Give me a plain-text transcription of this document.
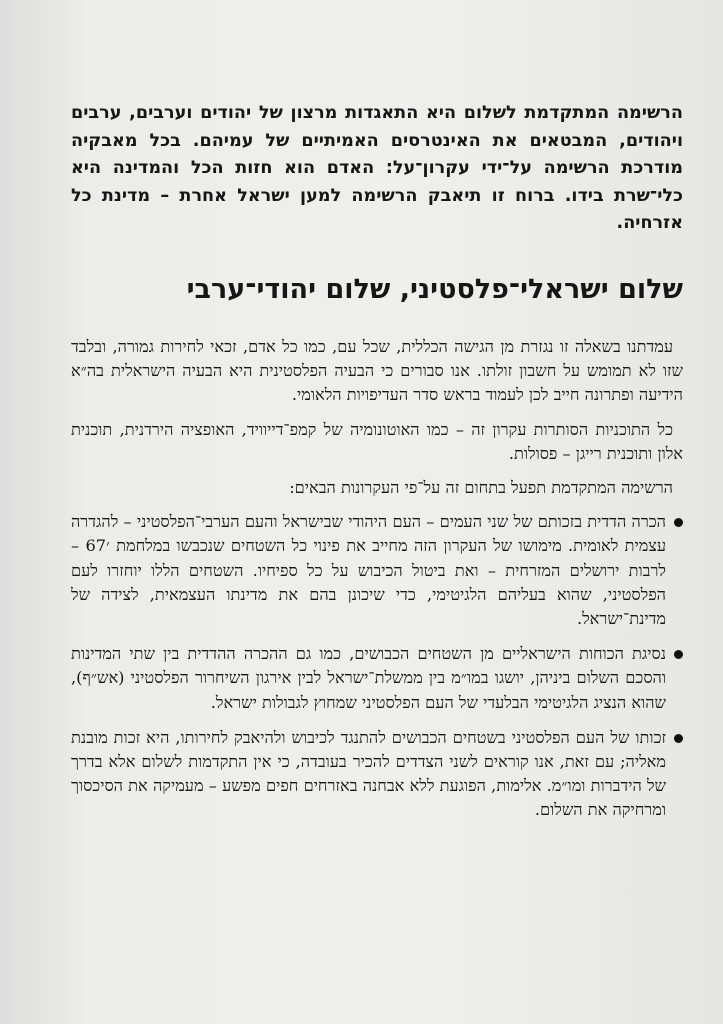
הרשימה המתקדמת לשלום היא התאגדות מרצון של יהודים וערבים, ערבים ויהודים, המבטאים את האינטרסים האמיתיים של עמיהם. בכל מאבקיה מודרכת הרשימה על־ידי עקרון־על: האדם הוא חזות הכל והמדינה היא כלי־שרת בידו. ברוח זו תיאבק הרשימה למען ישראל אחרת – מדינת כל אזרחיה.

שלום ישראלי־פלסטיני, שלום יהודי־ערבי

עמדתנו בשאלה זו נגזרת מן הגישה הכללית, שכל עם, כמו כל אדם, זכאי לחירות גמורה, ובלבד שזו לא תמומש על חשבון זולתו. אנו סבורים כי הבעיה הפלסטינית היא הבעיה הישראלית בה״א הידיעה ופתרונה חייב לכן לעמוד בראש סדר העדיפויות הלאומי.

כל התוכניות הסותרות עקרון זה – כמו האוטונומיה של קמפ־דייוויד, האופציה הירדנית, תוכנית אלון ותוכנית רייגן – פסולות.

הרשימה המתקדמת תפעל בתחום זה על־פי העקרונות הבאים:

הכרה הדדית בזכותם של שני העמים – העם היהודי שבישראל והעם הערבי־הפלסטיני – להגדרה עצמית לאומית. מימושו של העקרון הזה מחייב את פינוי כל השטחים שנכבשו במלחמת ׳67 – לרבות ירושלים המזרחית – ואת ביטול הכיבוש על כל ספיחיו. השטחים הללו יוחזרו לעם הפלסטיני, שהוא בעליהם הלגיטימי, כדי שיכונן בהם את מדינתו העצמאית, לצידה של מדינת־ישראל.
נסיגת הכוחות הישראליים מן השטחים הכבושים, כמו גם ההכרה ההדדית בין שתי המדינות והסכם השלום ביניהן, יושגו במו״מ בין ממשלת־ישראל לבין אירגון השיחרור הפלסטיני (אש״ף), שהוא הנציג הלגיטימי הבלעדי של העם הפלסטיני שמחוץ לגבולות ישראל.
זכותו של העם הפלסטיני בשטחים הכבושים להתנגד לכיבוש ולהיאבק לחירותו, היא זכות מובנת מאליה; עם זאת, אנו קוראים לשני הצדדים להכיר בעובדה, כי אין התקדמות לשלום אלא בדרך של הידברות ומו״מ. אלימות, הפוגעת ללא אבחנה באזרחים חפים מפשע – מעמיקה את הסיכסוך ומרחיקה את השלום.
